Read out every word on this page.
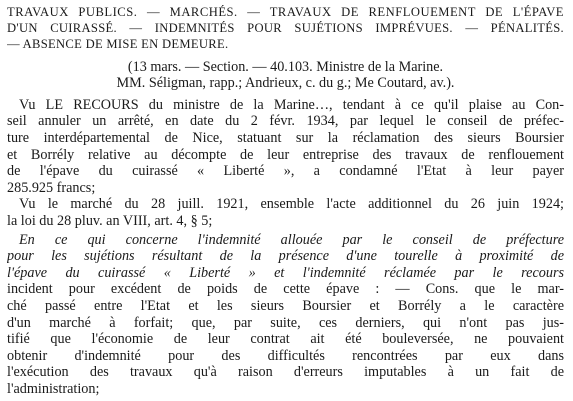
TRAVAUX PUBLICS. — MARCHÉS. — TRAVAUX DE RENFLOUEMENT DE L'ÉPAVE
D'UN CUIRASSÉ. — INDEMNITÉS POUR SUJÉTIONS IMPRÉVUES. — PÉNALITÉS.
— ABSENCE DE MISE EN DEMEURE.
(13 mars. — Section. — 40.103. Ministre de la Marine.
MM. Séligman, rapp.; Andrieux, c. du g.; Me Coutard, av.).
Vu LE RECOURS du ministre de la Marine…, tendant à ce qu'il plaise au Con-
seil annuler un arrêté, en date du 2 févr. 1934, par lequel le conseil de préfec-
ture interdépartemental de Nice, statuant sur la réclamation des sieurs Boursier
et Borrély relative au décompte de leur entreprise des travaux de renflouement
de l'épave du cuirassé « Liberté », a condamné l'Etat à leur payer
285.925 francs;
Vu le marché du 28 juill. 1921, ensemble l'acte additionnel du 26 juin 1924;
la loi du 28 pluv. an VIII, art. 4, § 5;
En ce qui concerne l'indemnité allouée par le conseil de préfecture
pour les sujétions résultant de la présence d'une tourelle à proximité de
l'épave du cuirassé « Liberté » et l'indemnité réclamée par le recours
incident pour excédent de poids de cette épave : — Cons. que le mar-
ché passé entre l'Etat et les sieurs Boursier et Borrély a le caractère
d'un marché à forfait; que, par suite, ces derniers, qui n'ont pas jus-
tifié que l'économie de leur contrat ait été bouleversée, ne pouvaient
obtenir d'indemnité pour des difficultés rencontrées par eux dans
l'exécution des travaux qu'à raison d'erreurs imputables à un fait de
l'administration;
